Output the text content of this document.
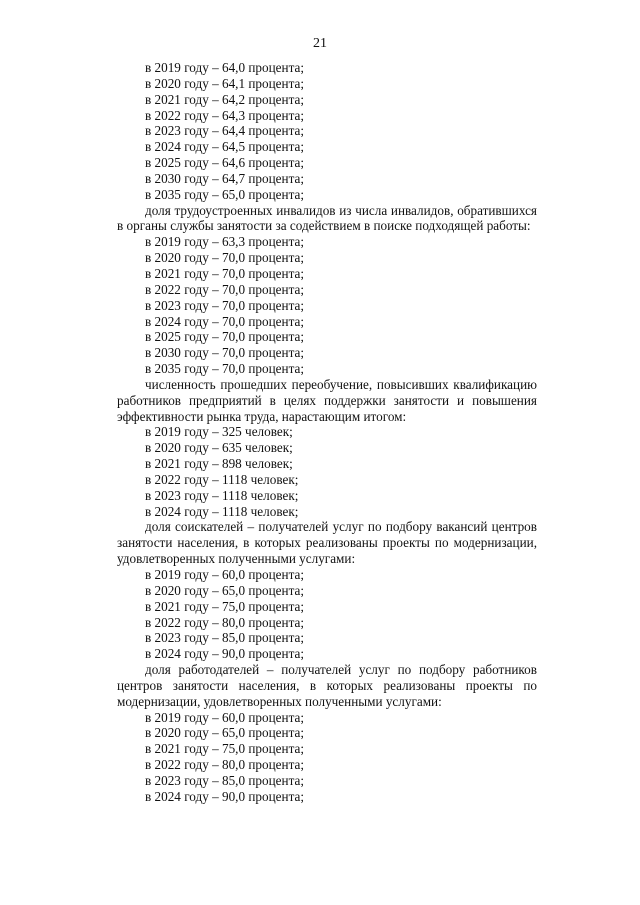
21
в 2019 году – 64,0 процента;
в 2020 году – 64,1 процента;
в 2021 году – 64,2 процента;
в 2022 году – 64,3 процента;
в 2023 году – 64,4 процента;
в 2024 году – 64,5 процента;
в 2025 году – 64,6 процента;
в 2030 году – 64,7 процента;
в 2035 году – 65,0 процента;
доля трудоустроенных инвалидов из числа инвалидов, обратившихся в органы службы занятости за содействием в поиске подходящей работы:
в 2019 году – 63,3 процента;
в 2020 году – 70,0 процента;
в 2021 году – 70,0 процента;
в 2022 году – 70,0 процента;
в 2023 году – 70,0 процента;
в 2024 году – 70,0 процента;
в 2025 году – 70,0 процента;
в 2030 году – 70,0 процента;
в 2035 году – 70,0 процента;
численность прошедших переобучение, повысивших квалификацию работников предприятий в целях поддержки занятости и повышения эффективности рынка труда, нарастающим итогом:
в 2019 году – 325 человек;
в 2020 году – 635 человек;
в 2021 году – 898 человек;
в 2022 году – 1118 человек;
в 2023 году – 1118 человек;
в 2024 году – 1118 человек;
доля соискателей – получателей услуг по подбору вакансий центров занятости населения, в которых реализованы проекты по модернизации, удовлетворенных полученными услугами:
в 2019 году – 60,0 процента;
в 2020 году – 65,0 процента;
в 2021 году – 75,0 процента;
в 2022 году – 80,0 процента;
в 2023 году – 85,0 процента;
в 2024 году – 90,0 процента;
доля работодателей – получателей услуг по подбору работников центров занятости населения, в которых реализованы проекты по модернизации, удовлетворенных полученными услугами:
в 2019 году – 60,0 процента;
в 2020 году – 65,0 процента;
в 2021 году – 75,0 процента;
в 2022 году – 80,0 процента;
в 2023 году – 85,0 процента;
в 2024 году – 90,0 процента;
